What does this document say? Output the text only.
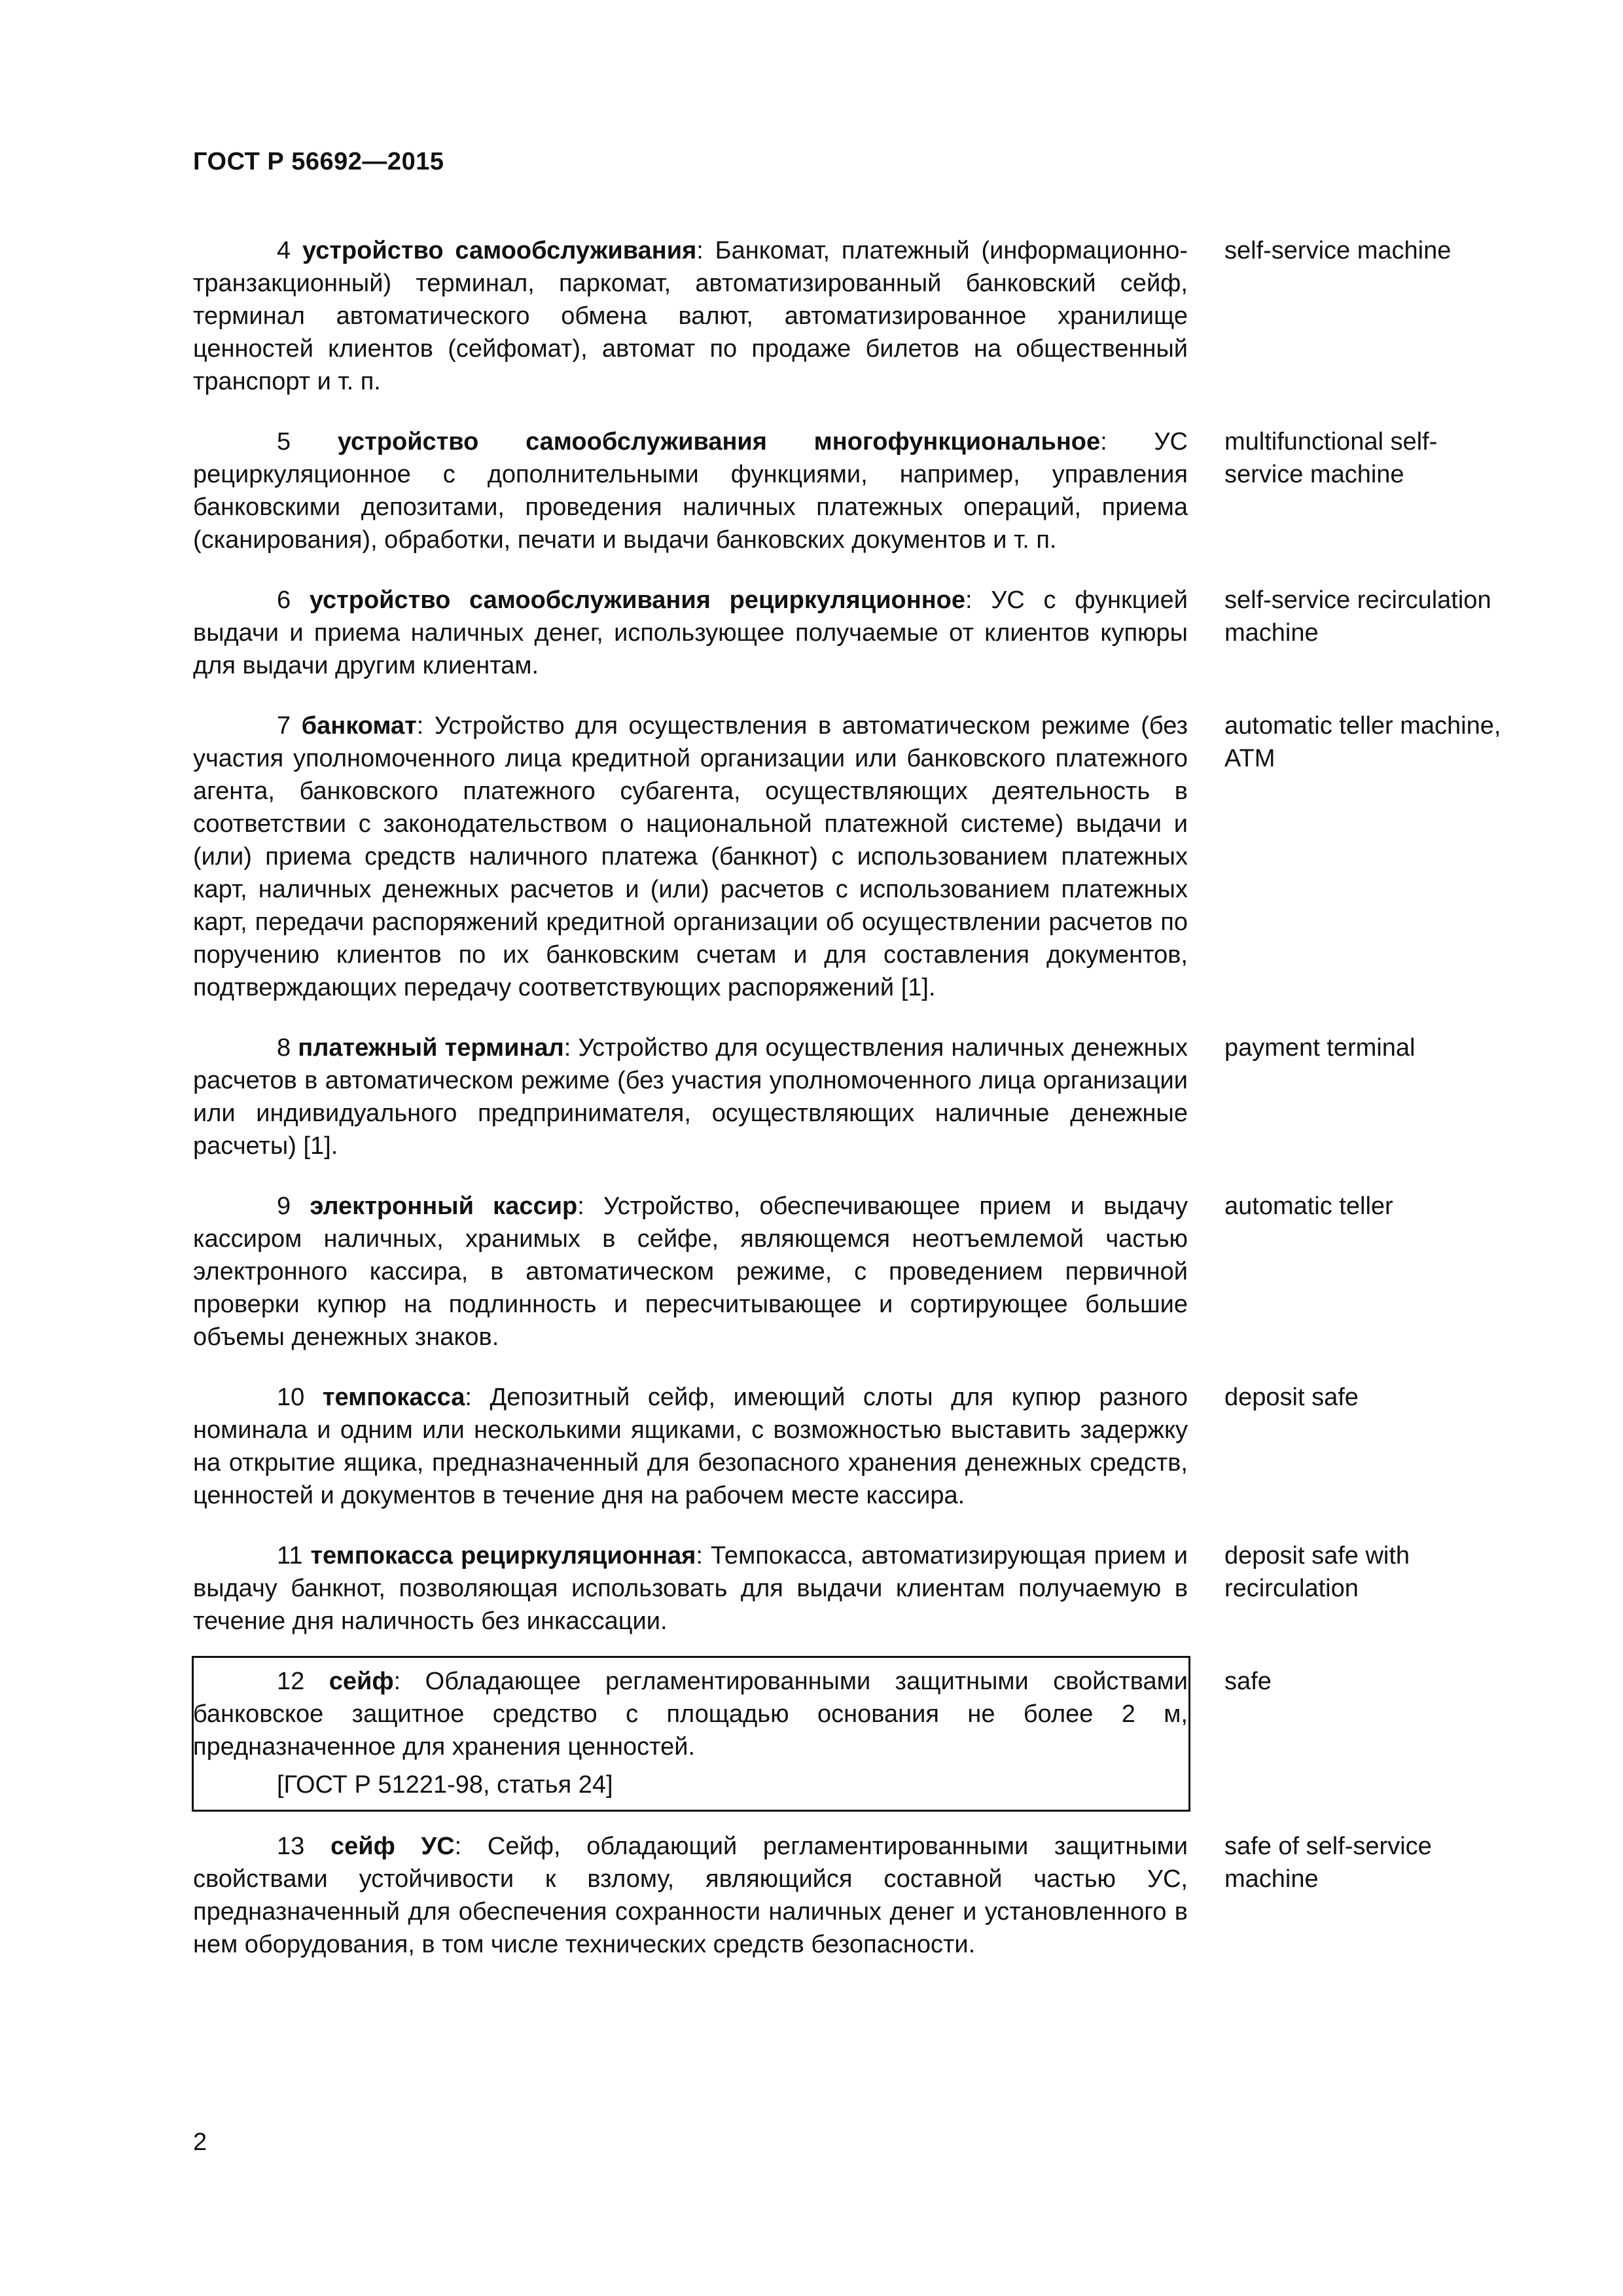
ГОСТ Р 56692—2015
4 устройство самообслуживания: Банкомат, платежный (информационно-транзакционный) терминал, паркомат, автоматизированный банковский сейф, терминал автоматического обмена валют, автоматизированное хранилище ценностей клиентов (сейфомат), автомат по продаже билетов на общественный транспорт и т. п.
self-service machine
5 устройство самообслуживания многофункциональное: УС рециркуляционное с дополнительными функциями, например, управления банковскими депозитами, проведения наличных платежных операций, приема (сканирования), обработки, печати и выдачи банковских документов и т. п.
multifunctional self-service machine
6 устройство самообслуживания рециркуляционное: УС с функцией выдачи и приема наличных денег, использующее получаемые от клиентов купюры для выдачи другим клиентам.
self-service recirculation machine
7 банкомат: Устройство для осуществления в автоматическом режиме (без участия уполномоченного лица кредитной организации или банковского платежного агента, банковского платежного субагента, осуществляющих деятельность в соответствии с законодательством о национальной платежной системе) выдачи и (или) приема средств наличного платежа (банкнот) с использованием платежных карт, наличных денежных расчетов и (или) расчетов с использованием платежных карт, передачи распоряжений кредитной организации об осуществлении расчетов по поручению клиентов по их банковским счетам и для составления документов, подтверждающих передачу соответствующих распоряжений [1].
automatic teller machine, ATM
8 платежный терминал: Устройство для осуществления наличных денежных расчетов в автоматическом режиме (без участия уполномоченного лица организации или индивидуального предпринимателя, осуществляющих наличные денежные расчеты) [1].
payment terminal
9 электронный кассир: Устройство, обеспечивающее прием и выдачу кассиром наличных, хранимых в сейфе, являющемся неотъемлемой частью электронного кассира, в автоматическом режиме, с проведением первичной проверки купюр на подлинность и пересчитывающее и сортирующее большие объемы денежных знаков.
automatic teller
10 темпокасса: Депозитный сейф, имеющий слоты для купюр разного номинала и одним или несколькими ящиками, с возможностью выставить задержку на открытие ящика, предназначенный для безопасного хранения денежных средств, ценностей и документов в течение дня на рабочем месте кассира.
deposit safe
11 темпокасса рециркуляционная: Темпокасса, автоматизирующая прием и выдачу банкнот, позволяющая использовать для выдачи клиентам получаемую в течение дня наличность без инкассации.
deposit safe with recirculation
12 сейф: Обладающее регламентированными защитными свойствами банковское защитное средство с площадью основания не более 2 м, предназначенное для хранения ценностей.
[ГОСТ Р 51221-98, статья 24]
safe
13 сейф УС: Сейф, обладающий регламентированными защитными свойствами устойчивости к взлому, являющийся составной частью УС, предназначенный для обеспечения сохранности наличных денег и установленного в нем оборудования, в том числе технических средств безопасности.
safe of self-service machine
2
